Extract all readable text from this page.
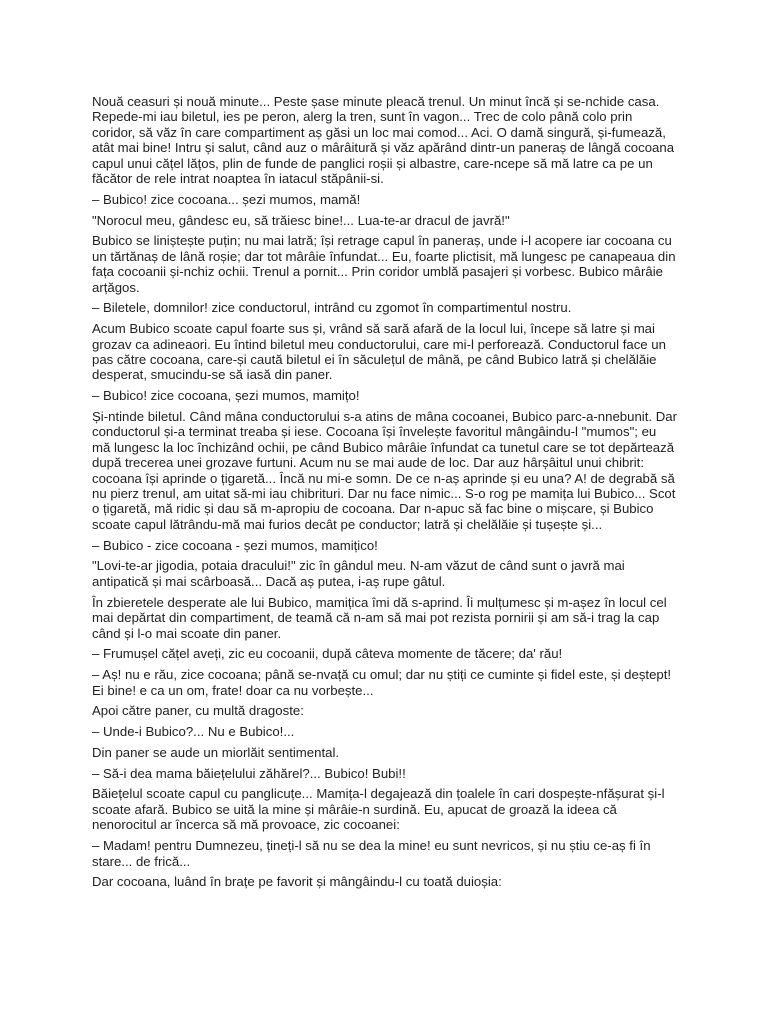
Nouă ceasuri și nouă minute... Peste șase minute pleacă trenul. Un minut încă și se-nchide casa. Repede-mi iau biletul, ies pe peron, alerg la tren, sunt în vagon... Trec de colo până colo prin coridor, să văz în care compartiment aș găsi un loc mai comod... Aci. O damă singură, și-fumează, atât mai bine! Intru și salut, când auz o mârâitură și văz apărând dintr-un paneraș de lângă cocoana capul unui cățel lățos, plin de funde de panglici roșii și albastre, care-ncepe să mă latre ca pe un făcător de rele intrat noaptea în iatacul stăpânii-si.

– Bubico! zice cocoana... șezi mumos, mamă!

"Norocul meu, gândesc eu, să trăiesc bine!... Lua-te-ar dracul de javră!"

Bubico se liniștește puțin; nu mai latră; își retrage capul în paneraș, unde i-l acopere iar cocoana cu un tărtănaș de lână roșie; dar tot mârâie înfundat... Eu, foarte plictisit, mă lungesc pe canapeaua din fața cocoanii și-nchiz ochii. Trenul a pornit... Prin coridor umblă pasajeri și vorbesc. Bubico mârâie arțăgos.

– Biletele, domnilor! zice conductorul, intrând cu zgomot în compartimentul nostru.

Acum Bubico scoate capul foarte sus și, vrând să sară afară de la locul lui, începe să latre și mai grozav ca adineaori. Eu întind biletul meu conductorului, care mi-l perforează. Conductorul face un pas către cocoana, care-și caută biletul ei în săculețul de mână, pe când Bubico latră și chelălăie desperat, smucindu-se să iasă din paner.

– Bubico! zice cocoana, șezi mumos, mamițo!

Și-ntinde biletul. Când mâna conductorului s-a atins de mâna cocoanei, Bubico parc-a-nnebunit. Dar conductorul și-a terminat treaba și iese. Cocoana își învelește favoritul mângâindu-l "mumos"; eu mă lungesc la loc închizând ochii, pe când Bubico mârâie înfundat ca tunetul care se tot depărtează după trecerea unei grozave furtuni. Acum nu se mai aude de loc. Dar auz hârșâitul unui chibrit: cocoana își aprinde o țigaretă... Încă nu mi-e somn. De ce n-aș aprinde și eu una? A! de degrabă să nu pierz trenul, am uitat să-mi iau chibrituri. Dar nu face nimic... S-o rog pe mamița lui Bubico... Scot o țigaretă, mă ridic și dau să m-apropiu de cocoana. Dar n-apuc să fac bine o mișcare, și Bubico scoate capul lătrându-mă mai furios decât pe conductor; latră și chelălăie și tușește și...

– Bubico - zice cocoana - șezi mumos, mamițico!

"Lovi-te-ar jigodia, potaia dracului!" zic în gândul meu. N-am văzut de când sunt o javră mai antipatică și mai scârboasă... Dacă aș putea, i-aș rupe gâtul.

În zbieretele desperate ale lui Bubico, mamițica îmi dă s-aprind. Îi mulțumesc și m-așez în locul cel mai depărtat din compartiment, de teamă că n-am să mai pot rezista pornirii și am să-i trag la cap când și l-o mai scoate din paner.

– Frumușel cățel aveți, zic eu cocoanii, după câteva momente de tăcere; da' rău!

– Aș! nu e rău, zice cocoana; până se-nvață cu omul; dar nu știți ce cuminte și fidel este, și deștept! Ei bine! e ca un om, frate! doar ca nu vorbește...

Apoi către paner, cu multă dragoste:

– Unde-i Bubico?... Nu e Bubico!...

Din paner se aude un miorlăit sentimental.

– Să-i dea mama băiețelului zăhărel?... Bubico! Bubi!!

Băiețelul scoate capul cu panglicuțe... Mamița-l degajează din țoalele în cari dospește-nfășurat și-l scoate afară. Bubico se uită la mine și mârâie-n surdină. Eu, apucat de groază la ideea că nenorocitul ar încerca să mă provoace, zic cocoanei:

– Madam! pentru Dumnezeu, țineți-l să nu se dea la mine! eu sunt nevricos, și nu știu ce-aș fi în stare... de frică...

Dar cocoana, luând în brațe pe favorit și mângâindu-l cu toată duioșia:
